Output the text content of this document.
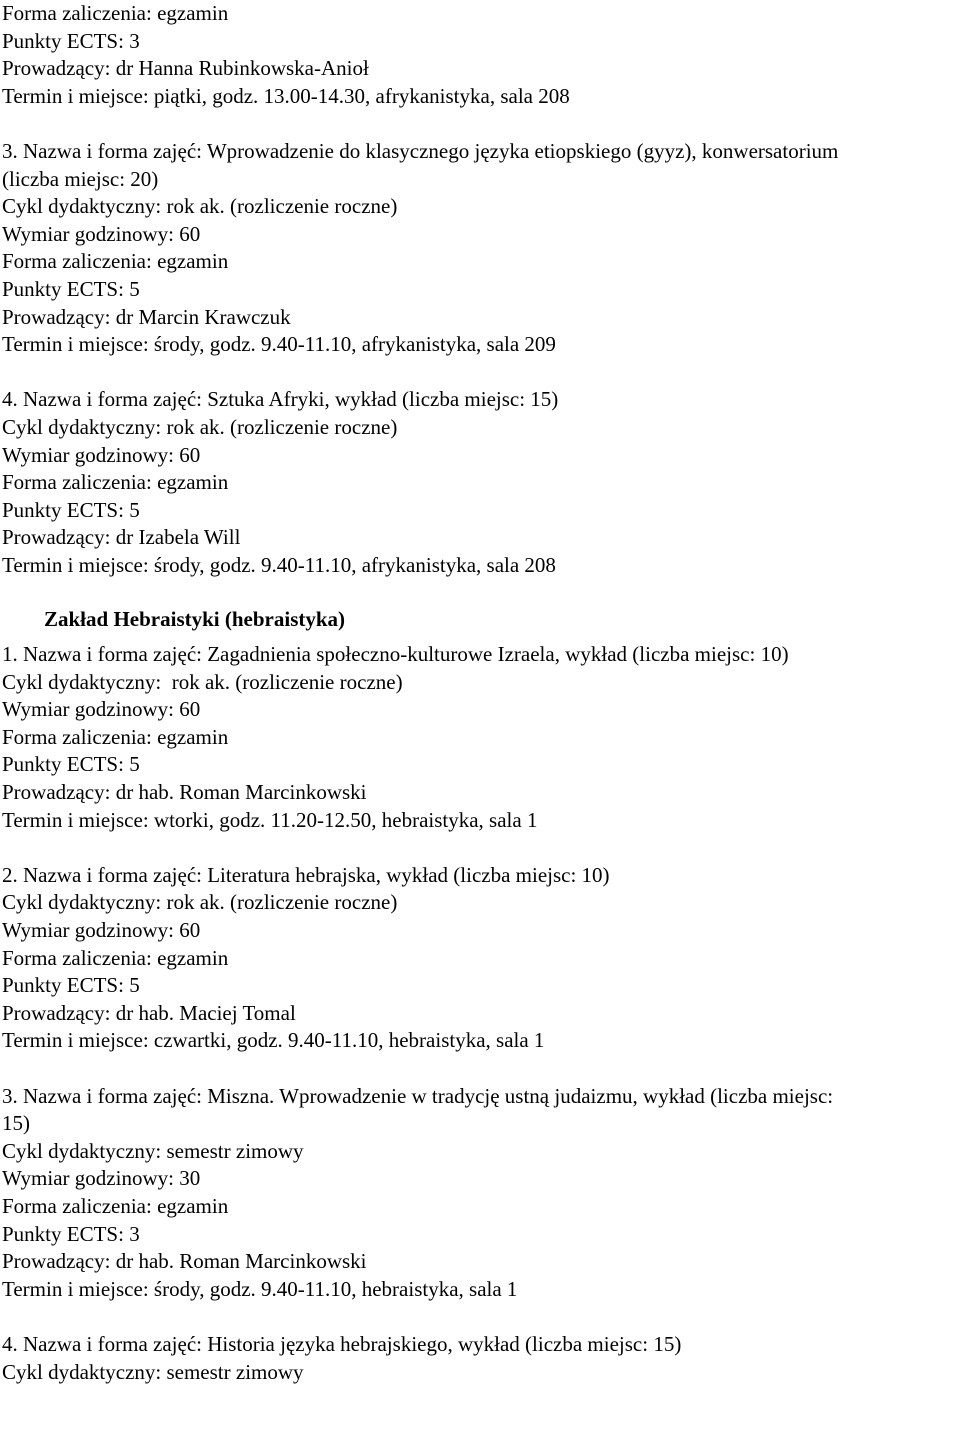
Forma zaliczenia: egzamin
Punkty ECTS: 3
Prowadzący: dr Hanna Rubinkowska-Anioł
Termin i miejsce: piątki, godz. 13.00-14.30, afrykanistyka, sala 208
3. Nazwa i forma zajęć: Wprowadzenie do klasycznego języka etiopskiego (gyyz), konwersatorium
(liczba miejsc: 20)
Cykl dydaktyczny: rok ak. (rozliczenie roczne)
Wymiar godzinowy: 60
Forma zaliczenia: egzamin
Punkty ECTS: 5
Prowadzący: dr Marcin Krawczuk
Termin i miejsce: środy, godz. 9.40-11.10, afrykanistyka, sala 209
4. Nazwa i forma zajęć: Sztuka Afryki, wykład (liczba miejsc: 15)
Cykl dydaktyczny: rok ak. (rozliczenie roczne)
Wymiar godzinowy: 60
Forma zaliczenia: egzamin
Punkty ECTS: 5
Prowadzący: dr Izabela Will
Termin i miejsce: środy, godz. 9.40-11.10, afrykanistyka, sala 208
Zakład Hebraistyki (hebraistyka)
1. Nazwa i forma zajęć: Zagadnienia społeczno-kulturowe Izraela, wykład (liczba miejsc: 10)
Cykl dydaktyczny:  rok ak. (rozliczenie roczne)
Wymiar godzinowy: 60
Forma zaliczenia: egzamin
Punkty ECTS: 5
Prowadzący: dr hab. Roman Marcinkowski
Termin i miejsce: wtorki, godz. 11.20-12.50, hebraistyka, sala 1
2. Nazwa i forma zajęć: Literatura hebrajska, wykład (liczba miejsc: 10)
Cykl dydaktyczny: rok ak. (rozliczenie roczne)
Wymiar godzinowy: 60
Forma zaliczenia: egzamin
Punkty ECTS: 5
Prowadzący: dr hab. Maciej Tomal
Termin i miejsce: czwartki, godz. 9.40-11.10, hebraistyka, sala 1
3. Nazwa i forma zajęć: Miszna. Wprowadzenie w tradycję ustną judaizmu, wykład (liczba miejsc:
15)
Cykl dydaktyczny: semestr zimowy
Wymiar godzinowy: 30
Forma zaliczenia: egzamin
Punkty ECTS: 3
Prowadzący: dr hab. Roman Marcinkowski
Termin i miejsce: środy, godz. 9.40-11.10, hebraistyka, sala 1
4. Nazwa i forma zajęć: Historia języka hebrajskiego, wykład (liczba miejsc: 15)
Cykl dydaktyczny: semestr zimowy
